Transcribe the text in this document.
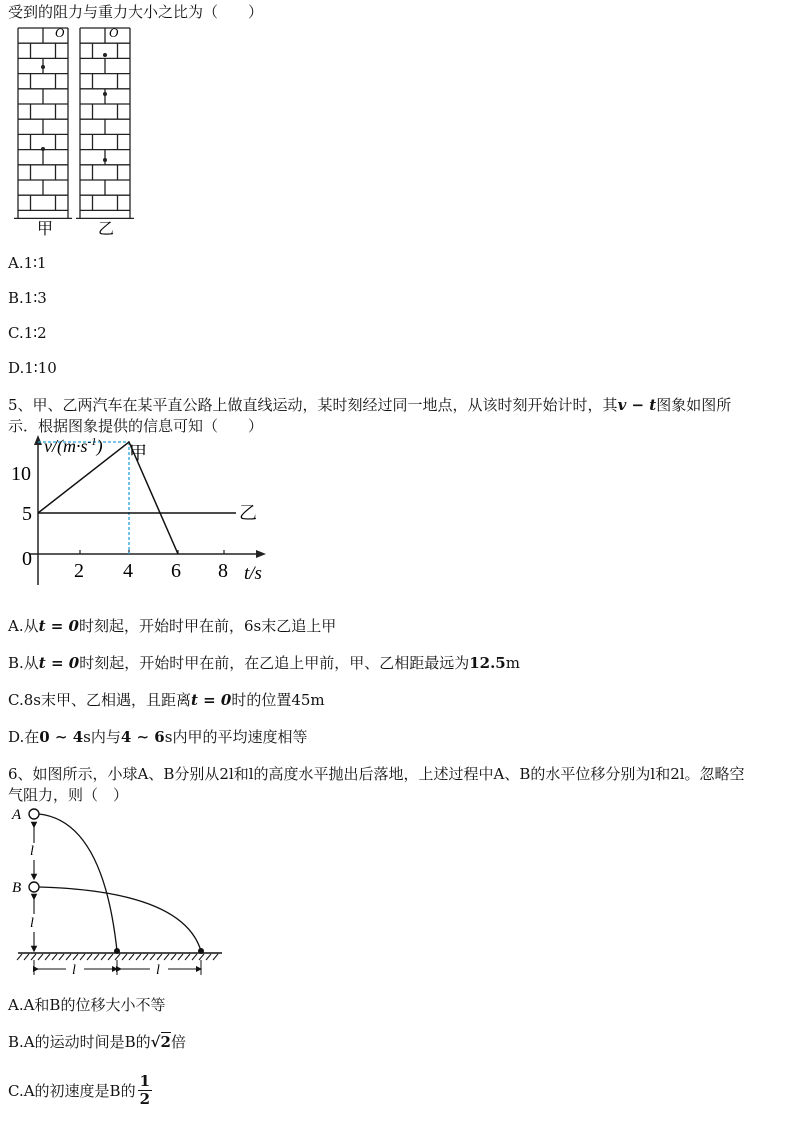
受到的阻力与重力大小之比为（　　）
O	O
甲	乙
A.1∶1
B.1∶3
C.1∶2
D.1∶10
5、甲、乙两汽车在某平直公路上做直线运动，某时刻经过同一地点，从该时刻开始计时，其v − t图象如图所
示．根据图象提供的信息可知（　　）
$v/(m\cdot s^{-1})$
10
5
0
2 4 6 8 t/s
甲
乙
A.从t = 0时刻起，开始时甲在前，6s末乙追上甲
B.从t = 0时刻起，开始时甲在前，在乙追上甲前，甲、乙相距最远为12.5m
C.8s末甲、乙相遇，且距离t = 0时的位置45m
D.在0 ∼ 4s内与4 ∼ 6s内甲的平均速度相等
6、如图所示，小球A、B分别从2l和l的高度水平抛出后落地，上述过程中A、B的水平位移分别为l和2l。忽略空
气阻力，则（　）
A
B
l
l
l	l
A.A和B的位移大小不等
B.A的运动时间是B的√2倍
C.A的初速度是B的
1
2
